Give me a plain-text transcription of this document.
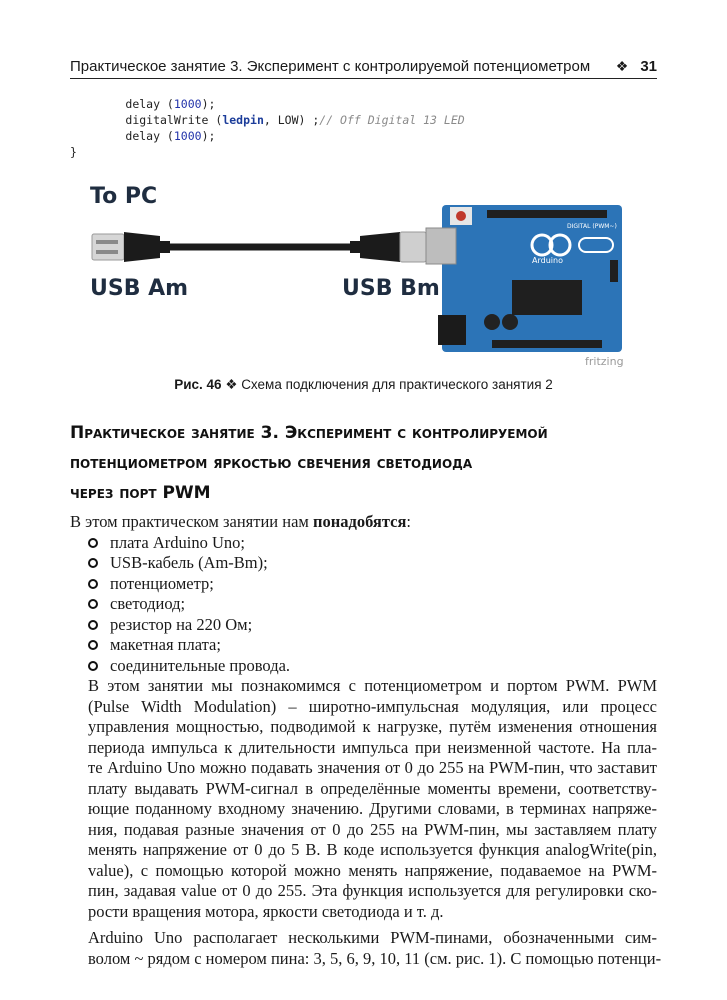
Практическое занятие 3. Эксперимент с контролируемой потенциометром	❖ 31
delay (1000);
digitalWrite (ledpin, LOW) ;// Off Digital 13 LED
delay (1000);
}
To PC
USB Am	USB Bm
Arduino
UNO
DIGITAL (PWM~)
fritzing
Рис. 46 ❖ Схема подключения для практического занятия 2
Практическое занятие 3. Эксперимент с контролируемой
потенциометром яркостью свечения светодиода
через порт PWM

В этом практическом занятии нам понадобятся:

плата Arduino Uno;
USB-кабель (Am-Bm);
потенциометр;
светодиод;
резистор на 220 Ом;
макетная плата;
соединительные провода.

В этом занятии мы познакомимся с потенциометром и портом PWM. PWM
(Pulse Width Modulation) – широтно-импульсная модуляция, или процесс
управления мощностью, подводимой к нагрузке, путём изменения отношения
периода импульса к длительности импульса при неизменной частоте. На пла-
те Arduino Uno можно подавать значения от 0 до 255 на PWM-пин, что заставит
плату выдавать PWM-сигнал в определённые моменты времени, соответству-
ющие поданному входному значению. Другими словами, в терминах напряже-
ния, подавая разные значения от 0 до 255 на PWM-пин, мы заставляем плату
менять напряжение от 0 до 5 В. В коде используется функция analogWrite(pin,
value), с помощью которой можно менять напряжение, подаваемое на PWM-
пин, задавая value от 0 до 255. Эта функция используется для регулировки ско-
рости вращения мотора, яркости светодиода и т. д.

Arduino Uno располагает несколькими PWM-пинами, обозначенными сим-
волом ~ рядом с номером пина: 3, 5, 6, 9, 10, 11 (см. рис. 1). С помощью потенци-
